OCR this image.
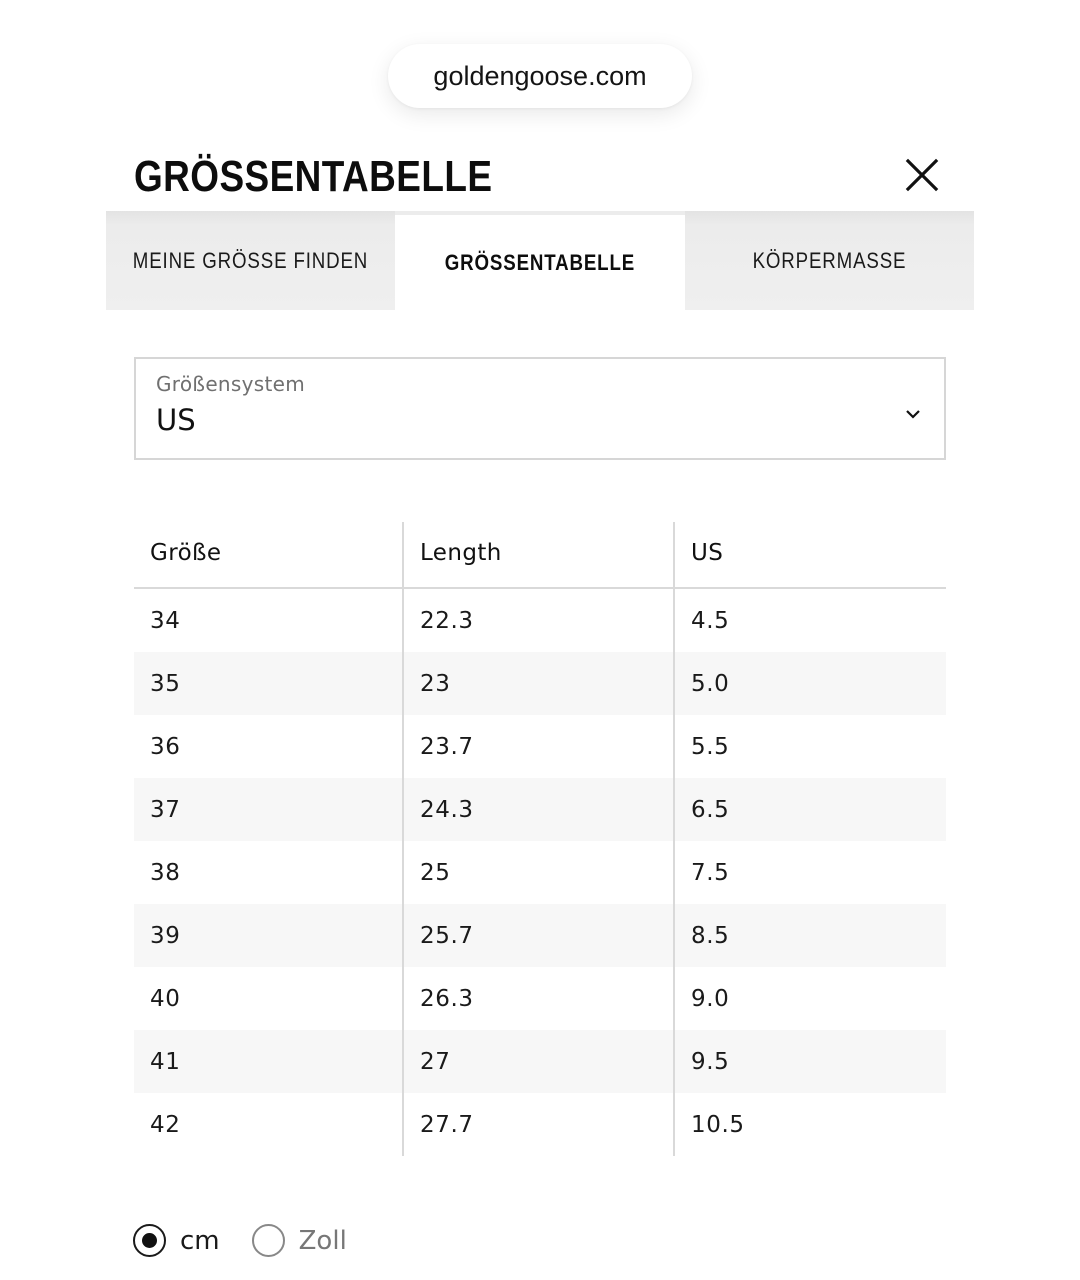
goldengoose.com
GRÖSSENTABELLE
MEINE GRÖSSE FINDEN	GRÖSSENTABELLE	KÖRPERMASSE
Größensystem
US
Größe	Length	US
34	22.3	4.5
35	23	5.0
36	23.7	5.5
37	24.3	6.5
38	25	7.5
39	25.7	8.5
40	26.3	9.0
41	27	9.5
42	27.7	10.5
cm	Zoll
